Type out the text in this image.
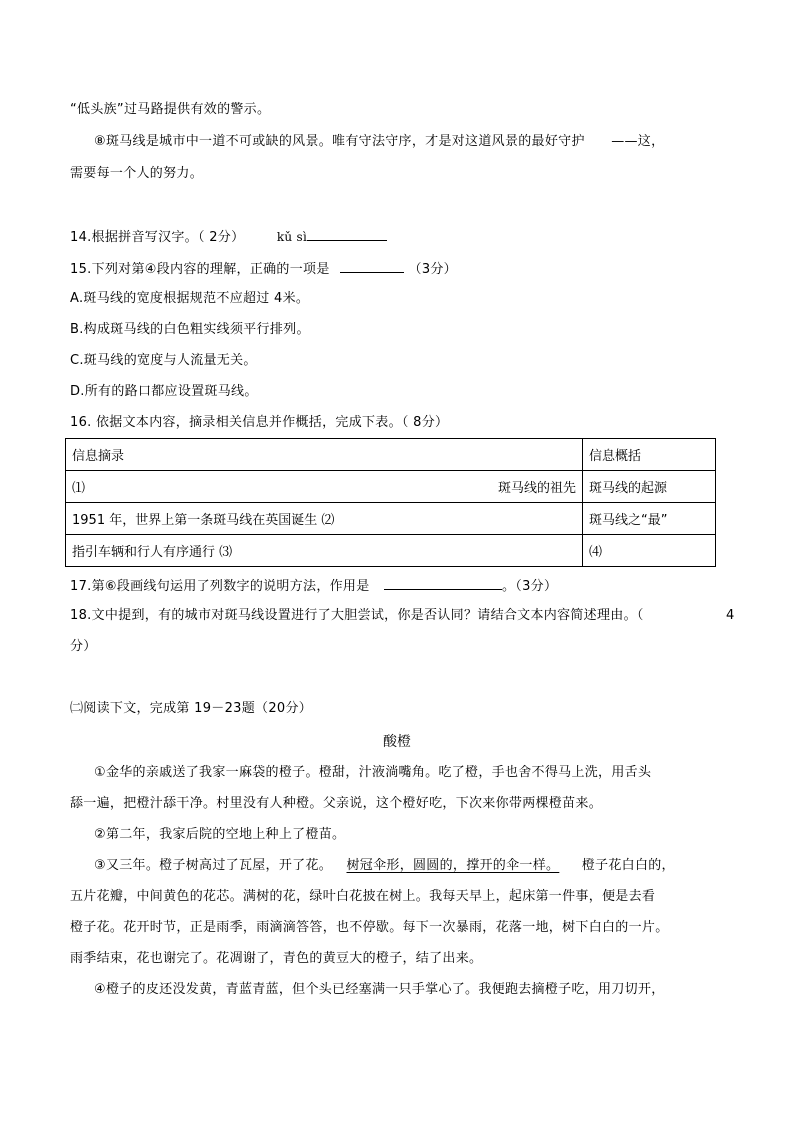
“低头族”过马路提供有效的警示。
⑧斑马线是城市中一道不可或缺的风景。唯有守法守序，才是对这道风景的最好守护 ——这，
需要每一个人的努力。
14.根据拼音写汉字。（ 2分）	kǔ sì
15.下列对第④段内容的理解，正确的一项是	（3分）
A.斑马线的宽度根据规范不应超过 4米。
B.构成斑马线的白色粗实线须平行排列。
C.斑马线的宽度与人流量无关。
D.所有的路口都应设置斑马线。
16. 依据文本内容，摘录相关信息并作概括，完成下表。（ 8分）
信息摘录	信息概括

⑴ 斑马线的祖先	斑马线的起源
1951 年，世界上第一条斑马线在英国诞生 ⑵	斑马线之“最”
指引车辆和行人有序通行 ⑶	⑷
17.第⑥段画线句运用了列数字的说明方法，作用是	。（3分）
18.文中提到，有的城市对斑马线设置进行了大胆尝试，你是否认同？请结合文本内容简述理由。（	4
分）
㈡阅读下文，完成第 19－23题（20分）
酸橙
①金华的亲戚送了我家一麻袋的橙子。橙甜，汁液淌嘴角。吃了橙，手也舍不得马上洗，用舌头
舔一遍，把橙汁舔干净。村里没有人种橙。父亲说，这个橙好吃，下次来你带两棵橙苗来。
②第二年，我家后院的空地上种上了橙苗。
③又三年。橙子树高过了瓦屋，开了花。 树冠伞形，圆圆的，撑开的伞一样。 橙子花白白的，
五片花瓣，中间黄色的花芯。满树的花，绿叶白花披在树上。我每天早上，起床第一件事，便是去看
橙子花。花开时节，正是雨季，雨滴滴答答，也不停歇。每下一次暴雨，花落一地，树下白白的一片。
雨季结束，花也谢完了。花凋谢了，青色的黄豆大的橙子，结了出来。
④橙子的皮还没发黄，青蓝青蓝，但个头已经塞满一只手掌心了。我便跑去摘橙子吃，用刀切开，
